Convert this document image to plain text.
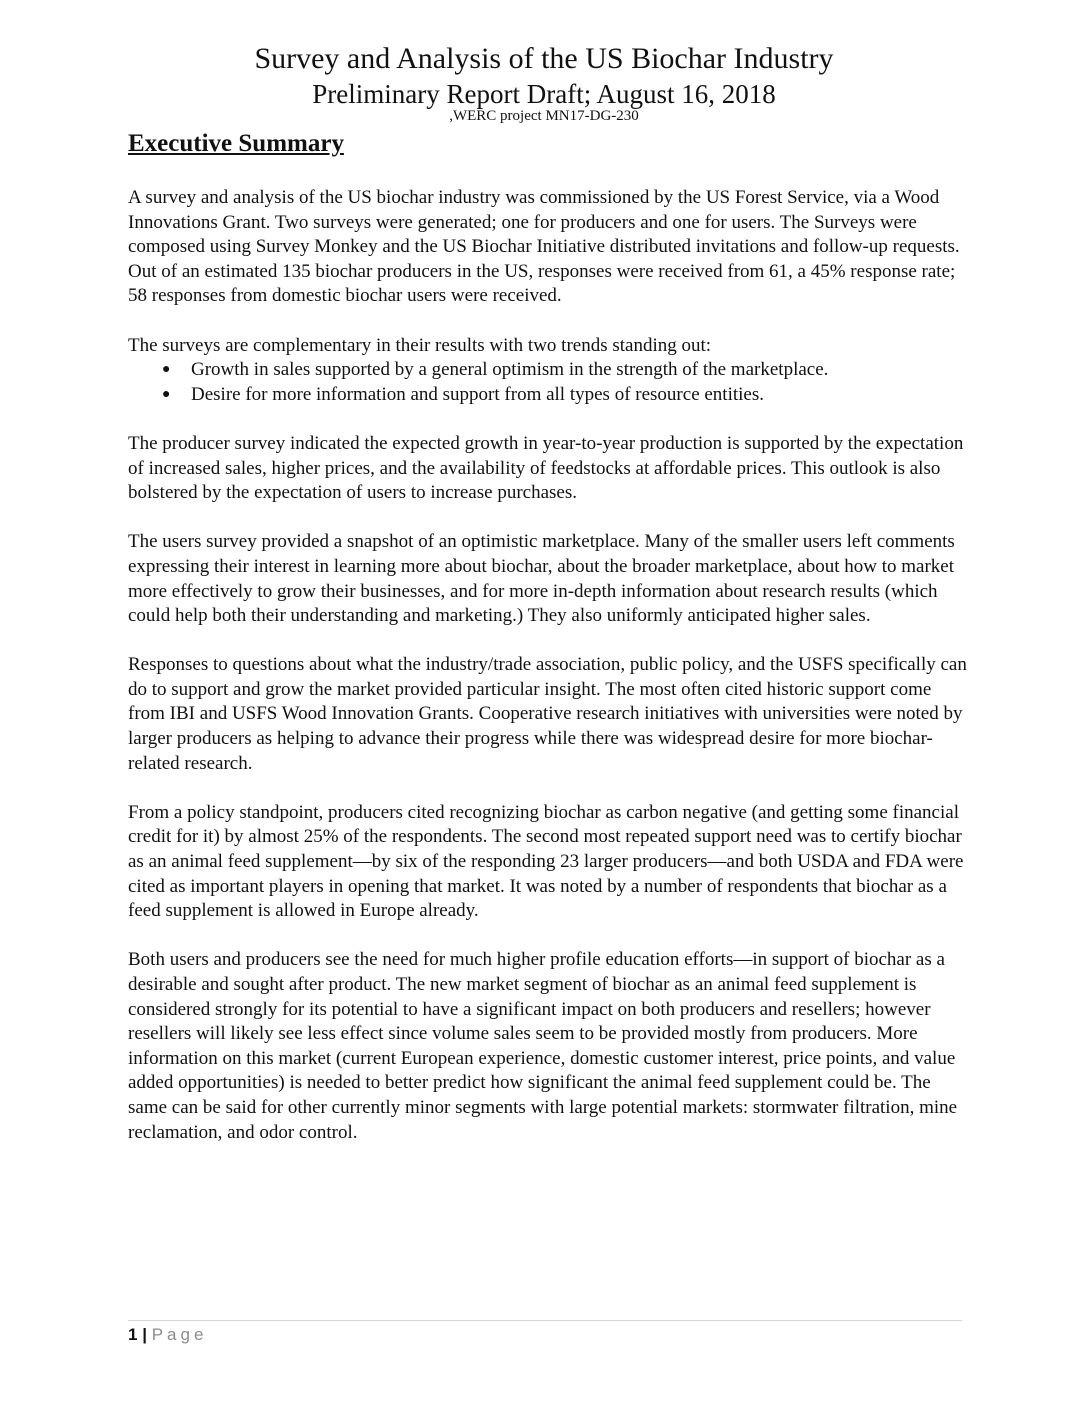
Survey and Analysis of the US Biochar Industry
Preliminary Report Draft; August 16, 2018
,WERC project MN17-DG-230
Executive Summary

A survey and analysis of the US biochar industry was commissioned by the US Forest Service, via a Wood Innovations Grant. Two surveys were generated; one for producers and one for users. The Surveys were composed using Survey Monkey and the US Biochar Initiative distributed invitations and follow-up requests. Out of an estimated 135 biochar producers in the US, responses were received from 61, a 45% response rate; 58 responses from domestic biochar users were received.

The surveys are complementary in their results with two trends standing out:

● Growth in sales supported by a general optimism in the strength of the marketplace.
● Desire for more information and support from all types of resource entities.

The producer survey indicated the expected growth in year-to-year production is supported by the expectation of increased sales, higher prices, and the availability of feedstocks at affordable prices. This outlook is also bolstered by the expectation of users to increase purchases.

The users survey provided a snapshot of an optimistic marketplace. Many of the smaller users left comments expressing their interest in learning more about biochar, about the broader marketplace, about how to market more effectively to grow their businesses, and for more in-depth information about research results (which could help both their understanding and marketing.) They also uniformly anticipated higher sales.

Responses to questions about what the industry/trade association, public policy, and the USFS specifically can do to support and grow the market provided particular insight. The most often cited historic support come from IBI and USFS Wood Innovation Grants. Cooperative research initiatives with universities were noted by larger producers as helping to advance their progress while there was widespread desire for more biochar-related research.

From a policy standpoint, producers cited recognizing biochar as carbon negative (and getting some financial credit for it) by almost 25% of the respondents. The second most repeated support need was to certify biochar as an animal feed supplement—by six of the responding 23 larger producers—and both USDA and FDA were cited as important players in opening that market. It was noted by a number of respondents that biochar as a feed supplement is allowed in Europe already.

Both users and producers see the need for much higher profile education efforts—in support of biochar as a desirable and sought after product. The new market segment of biochar as an animal feed supplement is considered strongly for its potential to have a significant impact on both producers and resellers; however resellers will likely see less effect since volume sales seem to be provided mostly from producers. More information on this market (current European experience, domestic customer interest, price points, and value added opportunities) is needed to better predict how significant the animal feed supplement could be. The same can be said for other currently minor segments with large potential markets: stormwater filtration, mine reclamation, and odor control.

1 | Page
